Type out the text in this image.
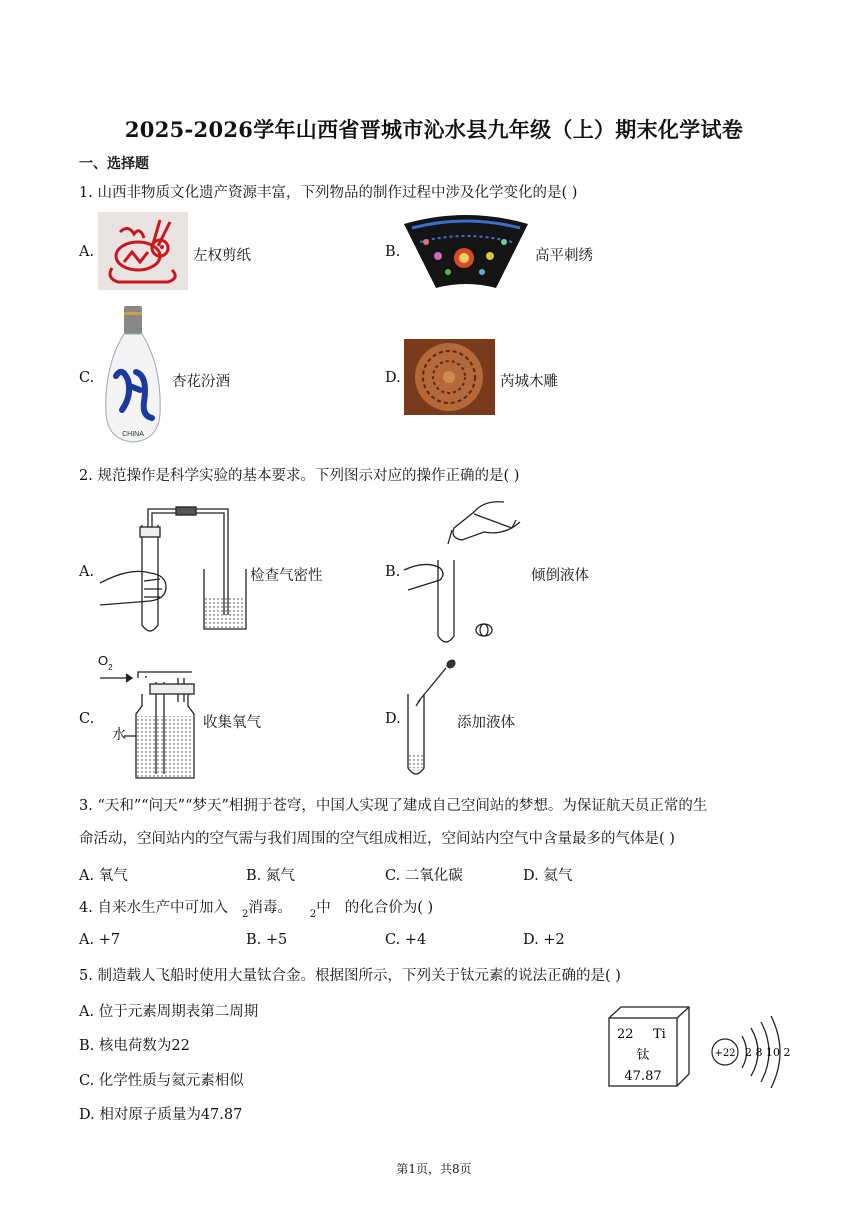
2025-2026学年山西省晋城市沁水县九年级（上）期末化学试卷
一、选择题
1. 山西非物质文化遗产资源丰富，下列物品的制作过程中涉及化学变化的是( )
A.	左权剪纸	B.	高平刺绣
C.
CHINA
杏花汾酒	D.	芮城木雕
2. 规范操作是科学实验的基本要求。下列图示对应的操作正确的是( )
A.	检查气密性	B.	倾倒液体
C.
$O_2$
水
收集氧气	D.	添加液体
3. “天和”“问天”“梦天”相拥于苍穹，中国人实现了建成自己空间站的梦想。为保证航天员正常的生
命活动，空间站内的空气需与我们周围的空气组成相近，空间站内空气中含量最多的气体是( )
A. 氧气	B. 氮气	C. 二氧化碳	D. 氦气
4. 自来水生产中可加入 $_2$消毒。 $_2$中 的化合价为( )
A. +7	B. +5	C. +4	D. +2
5. 制造载人飞船时使用大量钛合金。根据图所示，下列关于钛元素的说法正确的是( )
A. 位于元素周期表第二周期
B. 核电荷数为22
C. 化学性质与氦元素相似
D. 相对原子质量为47.87
22 Ti
钛
47.87
+22 2 8 10 2
第1页，共8页
